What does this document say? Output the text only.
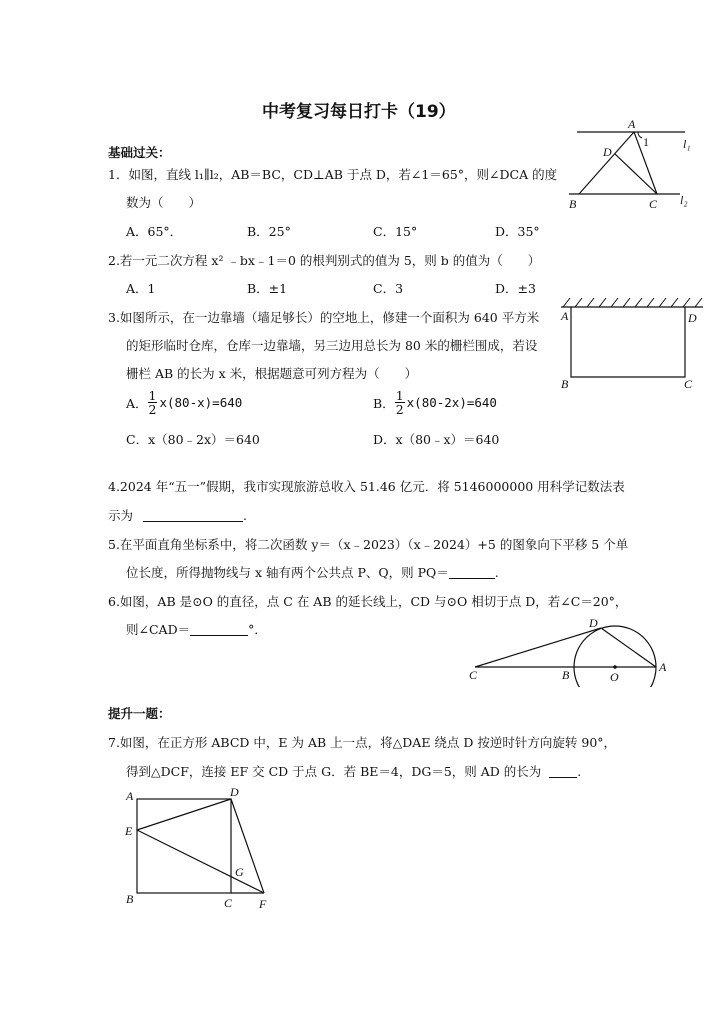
中考复习每日打卡（19）
基础过关：
1．如图，直线 l₁∥l₂，AB＝BC，CD⊥AB 于点 D，若∠1＝65°，则∠DCA 的度
数为（　　）
A．65°．	B．25°	C．15°	D．35°
A
1
D
B	C
l₁
l₂
2.若一元二次方程 x² ﹣bx﹣1＝0 的根判别式的值为 5，则 b 的值为（　　）
A．1	B．±1	C．3	D．±3
3.如图所示，在一边靠墙（墙足够长）的空地上，修建一个面积为 640 平方米
的矩形临时仓库，仓库一边靠墙，另三边用总长为 80 米的栅栏围成，若设
栅栏 AB 的长为 x 米，根据题意可列方程为（　　）
A． $\frac{1}{2} x(80-x)=640$	B． $\frac{1}{2} x(80-2x)=640$
C．x（80﹣2x）＝640	D．x（80﹣x）＝640
A	D
B	C
4.2024 年“五一”假期，我市实现旅游总收入 51.46 亿元．将 5146000000 用科学记数法表
示为	.
5.在平面直角坐标系中，将二次函数 y＝（x﹣2023）（x﹣2024）+5 的图象向下平移 5 个单
位长度，所得抛物线与 x 轴有两个公共点 P、Q，则 PQ＝	.
6.如图，AB 是⊙O 的直径，点 C 在 AB 的延长线上，CD 与⊙O 相切于点 D，若∠C＝20°，
则∠CAD＝	°．	D
C	B	O
A
提升一题：
7.如图，在正方形 ABCD 中，E 为 AB 上一点，将△DAE 绕点 D 按逆时针方向旋转 90°，
得到△DCF，连接 EF 交 CD 于点 G．若 BE＝4，DG＝5，则 AD 的长为	.
A	D
E
G
B	C F
